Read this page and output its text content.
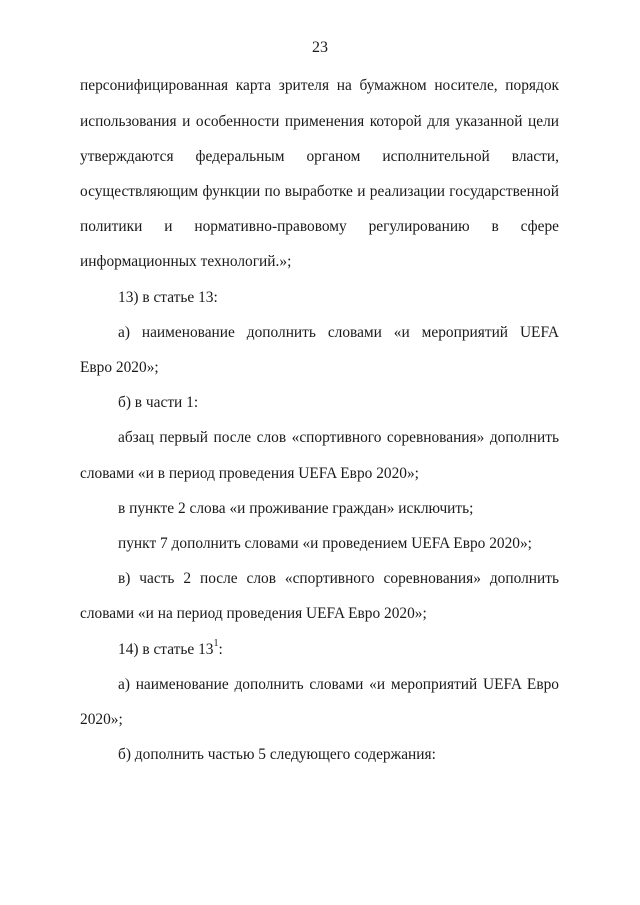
23
персонифицированная карта зрителя на бумажном носителе, порядок
использования и особенности применения которой для указанной цели
утверждаются федеральным органом исполнительной власти,
осуществляющим функции по выработке и реализации государственной
политики и нормативно-правовому регулированию в сфере
информационных технологий.»;
13) в статье 13:
а) наименование дополнить словами «и мероприятий UEFA
Евро 2020»;
б) в части 1:
абзац первый после слов «спортивного соревнования» дополнить
словами «и в период проведения UEFA Евро 2020»;
в пункте 2 слова «и проживание граждан» исключить;
пункт 7 дополнить словами «и проведением UEFA Евро 2020»;
в) часть 2 после слов «спортивного соревнования» дополнить
словами «и на период проведения UEFA Евро 2020»;
14) в статье $13^1$:
а) наименование дополнить словами «и мероприятий UEFA Евро
2020»;
б) дополнить частью 5 следующего содержания:
